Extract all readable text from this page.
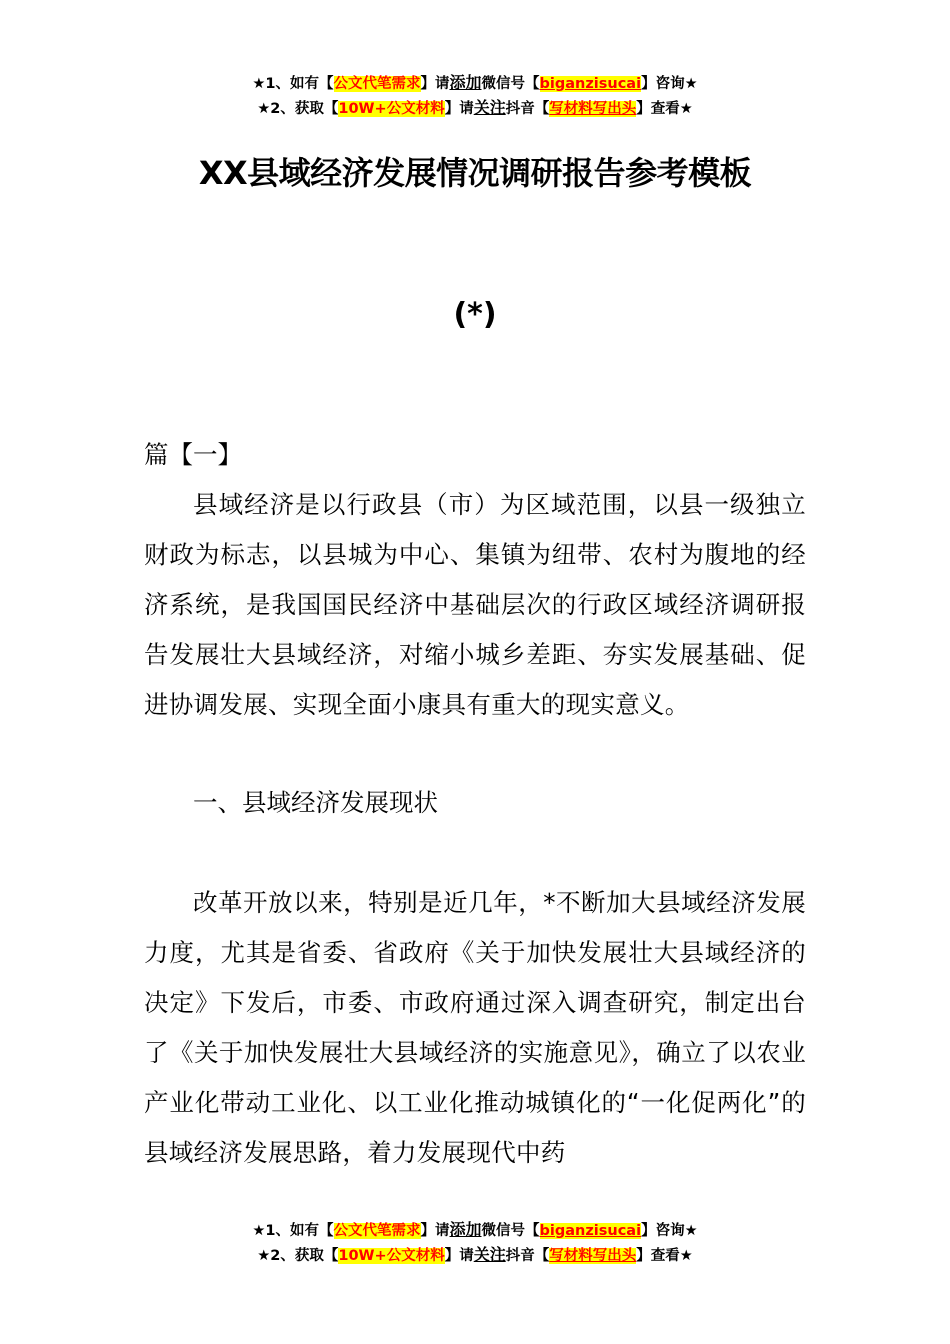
★1、如有【公文代笔需求】请添加微信号【biganzisucai】咨询★
★2、获取【10W+公文材料】请关注抖音【写材料写出头】查看★
XX县域经济发展情况调研报告参考模板
(*)

篇【一】

县域经济是以行政县（市）为区域范围，以县一级独立财政为标志，以县城为中心、集镇为纽带、农村为腹地的经济系统，是我国国民经济中基础层次的行政区域经济调研报告发展壮大县域经济，对缩小城乡差距、夯实发展基础、促进协调发展、实现全面小康具有重大的现实意义。

一、县域经济发展现状

改革开放以来，特别是近几年，*不断加大县域经济发展力度，尤其是省委、省政府《关于加快发展壮大县域经济的决定》下发后，市委、市政府通过深入调查研究，制定出台了《关于加快发展壮大县域经济的实施意见》，确立了以农业产业化带动工业化、以工业化推动城镇化的“一化促两化”的县域经济发展思路，着力发展现代中药

★1、如有【公文代笔需求】请添加微信号【biganzisucai】咨询★
★2、获取【10W+公文材料】请关注抖音【写材料写出头】查看★
